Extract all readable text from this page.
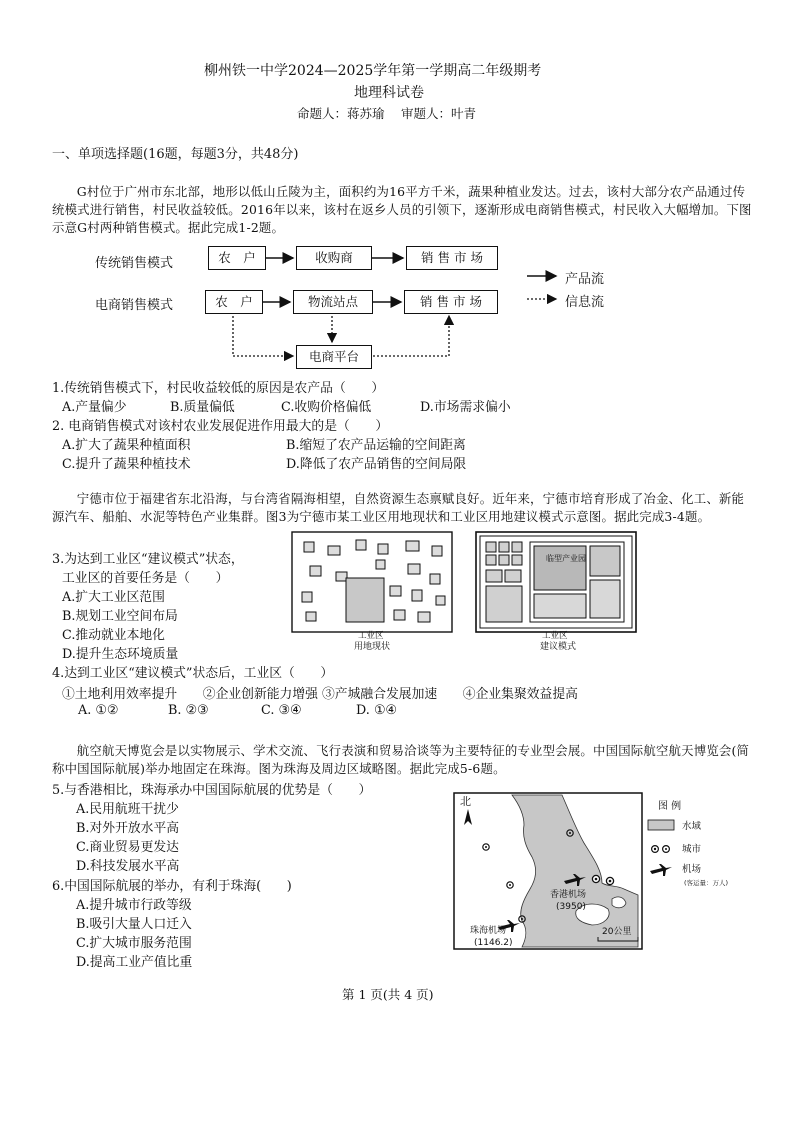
柳州铁一中学2024—2025学年第一学期高二年级期考
地理科试卷
命题人：蒋苏瑜　 审题人：叶青
一、单项选择题(16题，每题3分，共48分)
G村位于广州市东北部，地形以低山丘陵为主，面积约为16平方千米，蔬果种植业发达。过去，该村大部分农产品通过传统模式进行销售，村民收益较低。2016年以来，该村在返乡人员的引领下，逐渐形成电商销售模式，村民收入大幅增加。下图示意G村两种销售模式。据此完成1-2题。
传统销售模式
电商销售模式
农　户	收购商	销 售 市 场
农　户	物流站点	销 售 市 场
电商平台
产品流
信息流
1.传统销售模式下，村民收益较低的原因是农产品（　　）
A.产量偏少	B.质量偏低	C.收购价格偏低	D.市场需求偏小
2. 电商销售模式对该村农业发展促进作用最大的是（　　）
A.扩大了蔬果种植面积	B.缩短了农产品运输的空间距离
C.提升了蔬果种植技术	D.降低了农产品销售的空间局限
宁德市位于福建省东北沿海，与台湾省隔海相望，自然资源生态禀赋良好。近年来，宁德市培育形成了冶金、化工、新能源汽车、船舶、水泥等特色产业集群。图3为宁德市某工业区用地现状和工业区用地建议模式示意图。据此完成3-4题。
3.为达到工业区“建议模式”状态，
工业区的首要任务是（　　）
A.扩大工业区范围
B.规划工业空间布局
C.推动就业本地化
D.提升生态环境质量
临型产业园
工业区	工业区
用地现状	建议模式
4.达到工业区“建议模式”状态后，工业区（　　）
①土地利用效率提升　　②企业创新能力增强 ③产城融合发展加速　　④企业集聚效益提高
A. ①②	B. ②③	C. ③④	D. ①④
航空航天博览会是以实物展示、学术交流、飞行表演和贸易洽谈等为主要特征的专业型会展。中国国际航空航天博览会(简称中国国际航展)举办地固定在珠海。图为珠海及周边区域略图。据此完成5-6题。
5.与香港相比，珠海承办中国国际航展的优势是（　　）
A.民用航班干扰少
B.对外开放水平高
C.商业贸易更发达
D.科技发展水平高
6.中国国际航展的举办，有利于珠海(　　)
A.提升城市行政等级
B.吸引大量人口迁入
C.扩大城市服务范围
D.提高工业产值比重
北
香港机场
(3950)
珠海机场
(1146.2)
20公里
图 例
水域
城市
机场
(客运量：万人)
第 1 页(共 4 页)
